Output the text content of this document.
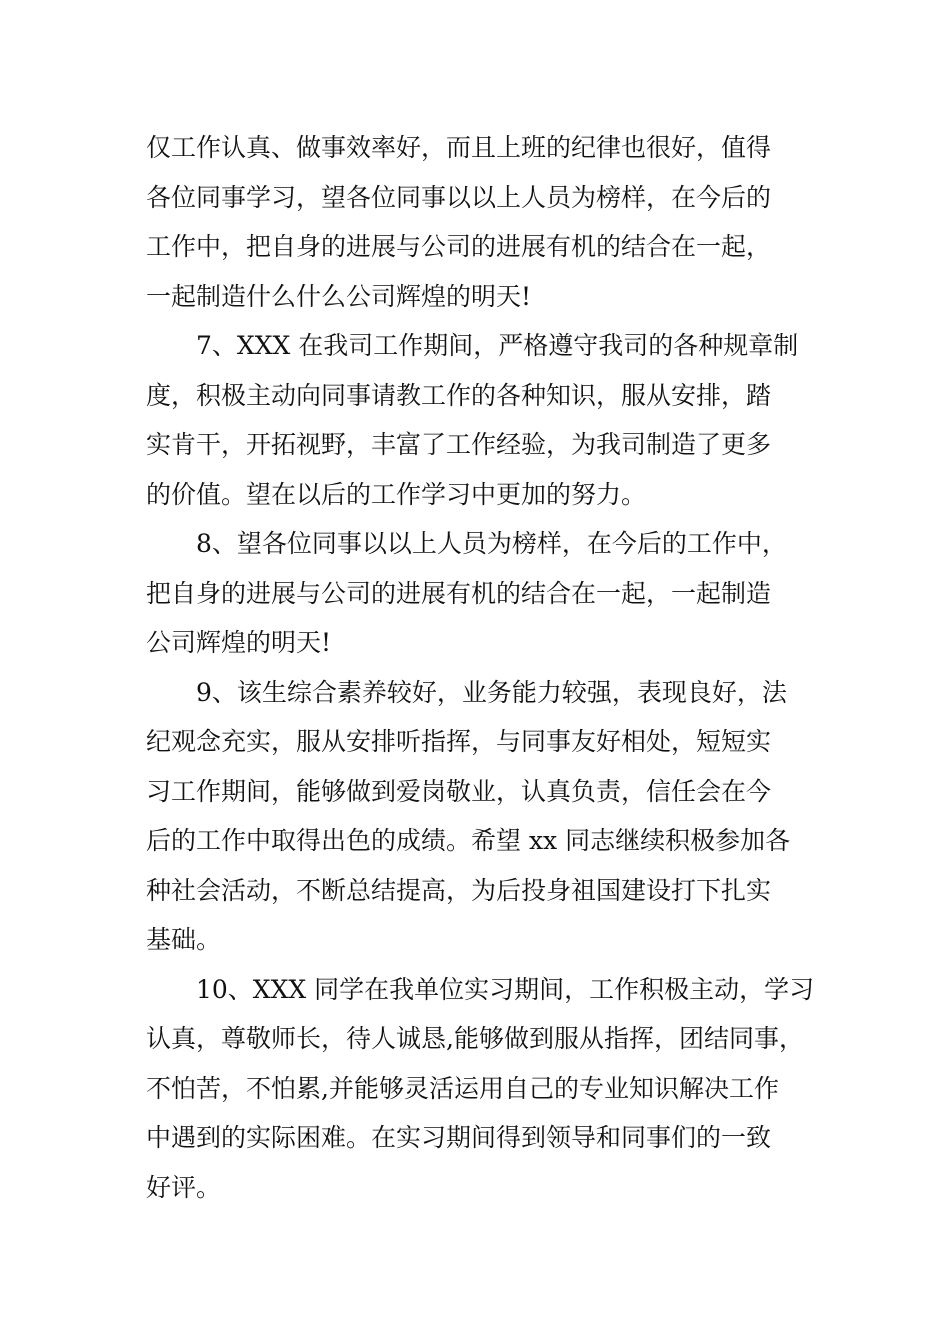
仅工作认真、做事效率好，而且上班的纪律也很好，值得
各位同事学习，望各位同事以以上人员为榜样，在今后的
工作中，把自身的进展与公司的进展有机的结合在一起，
一起制造什么什么公司辉煌的明天!
7、XXX 在我司工作期间，严格遵守我司的各种规章制
度，积极主动向同事请教工作的各种知识，服从安排，踏
实肯干，开拓视野，丰富了工作经验，为我司制造了更多
的价值。望在以后的工作学习中更加的努力。
8、望各位同事以以上人员为榜样，在今后的工作中，
把自身的进展与公司的进展有机的结合在一起，一起制造
公司辉煌的明天!
9、该生综合素养较好，业务能力较强，表现良好，法
纪观念充实，服从安排听指挥，与同事友好相处，短短实
习工作期间，能够做到爱岗敬业，认真负责，信任会在今
后的工作中取得出色的成绩。希望 xx 同志继续积极参加各
种社会活动，不断总结提高，为后投身祖国建设打下扎实
基础。
10、XXX 同学在我单位实习期间，工作积极主动，学习
认真，尊敬师长，待人诚恳,能够做到服从指挥，团结同事，
不怕苦，不怕累,并能够灵活运用自己的专业知识解决工作
中遇到的实际困难。在实习期间得到领导和同事们的一致
好评。
